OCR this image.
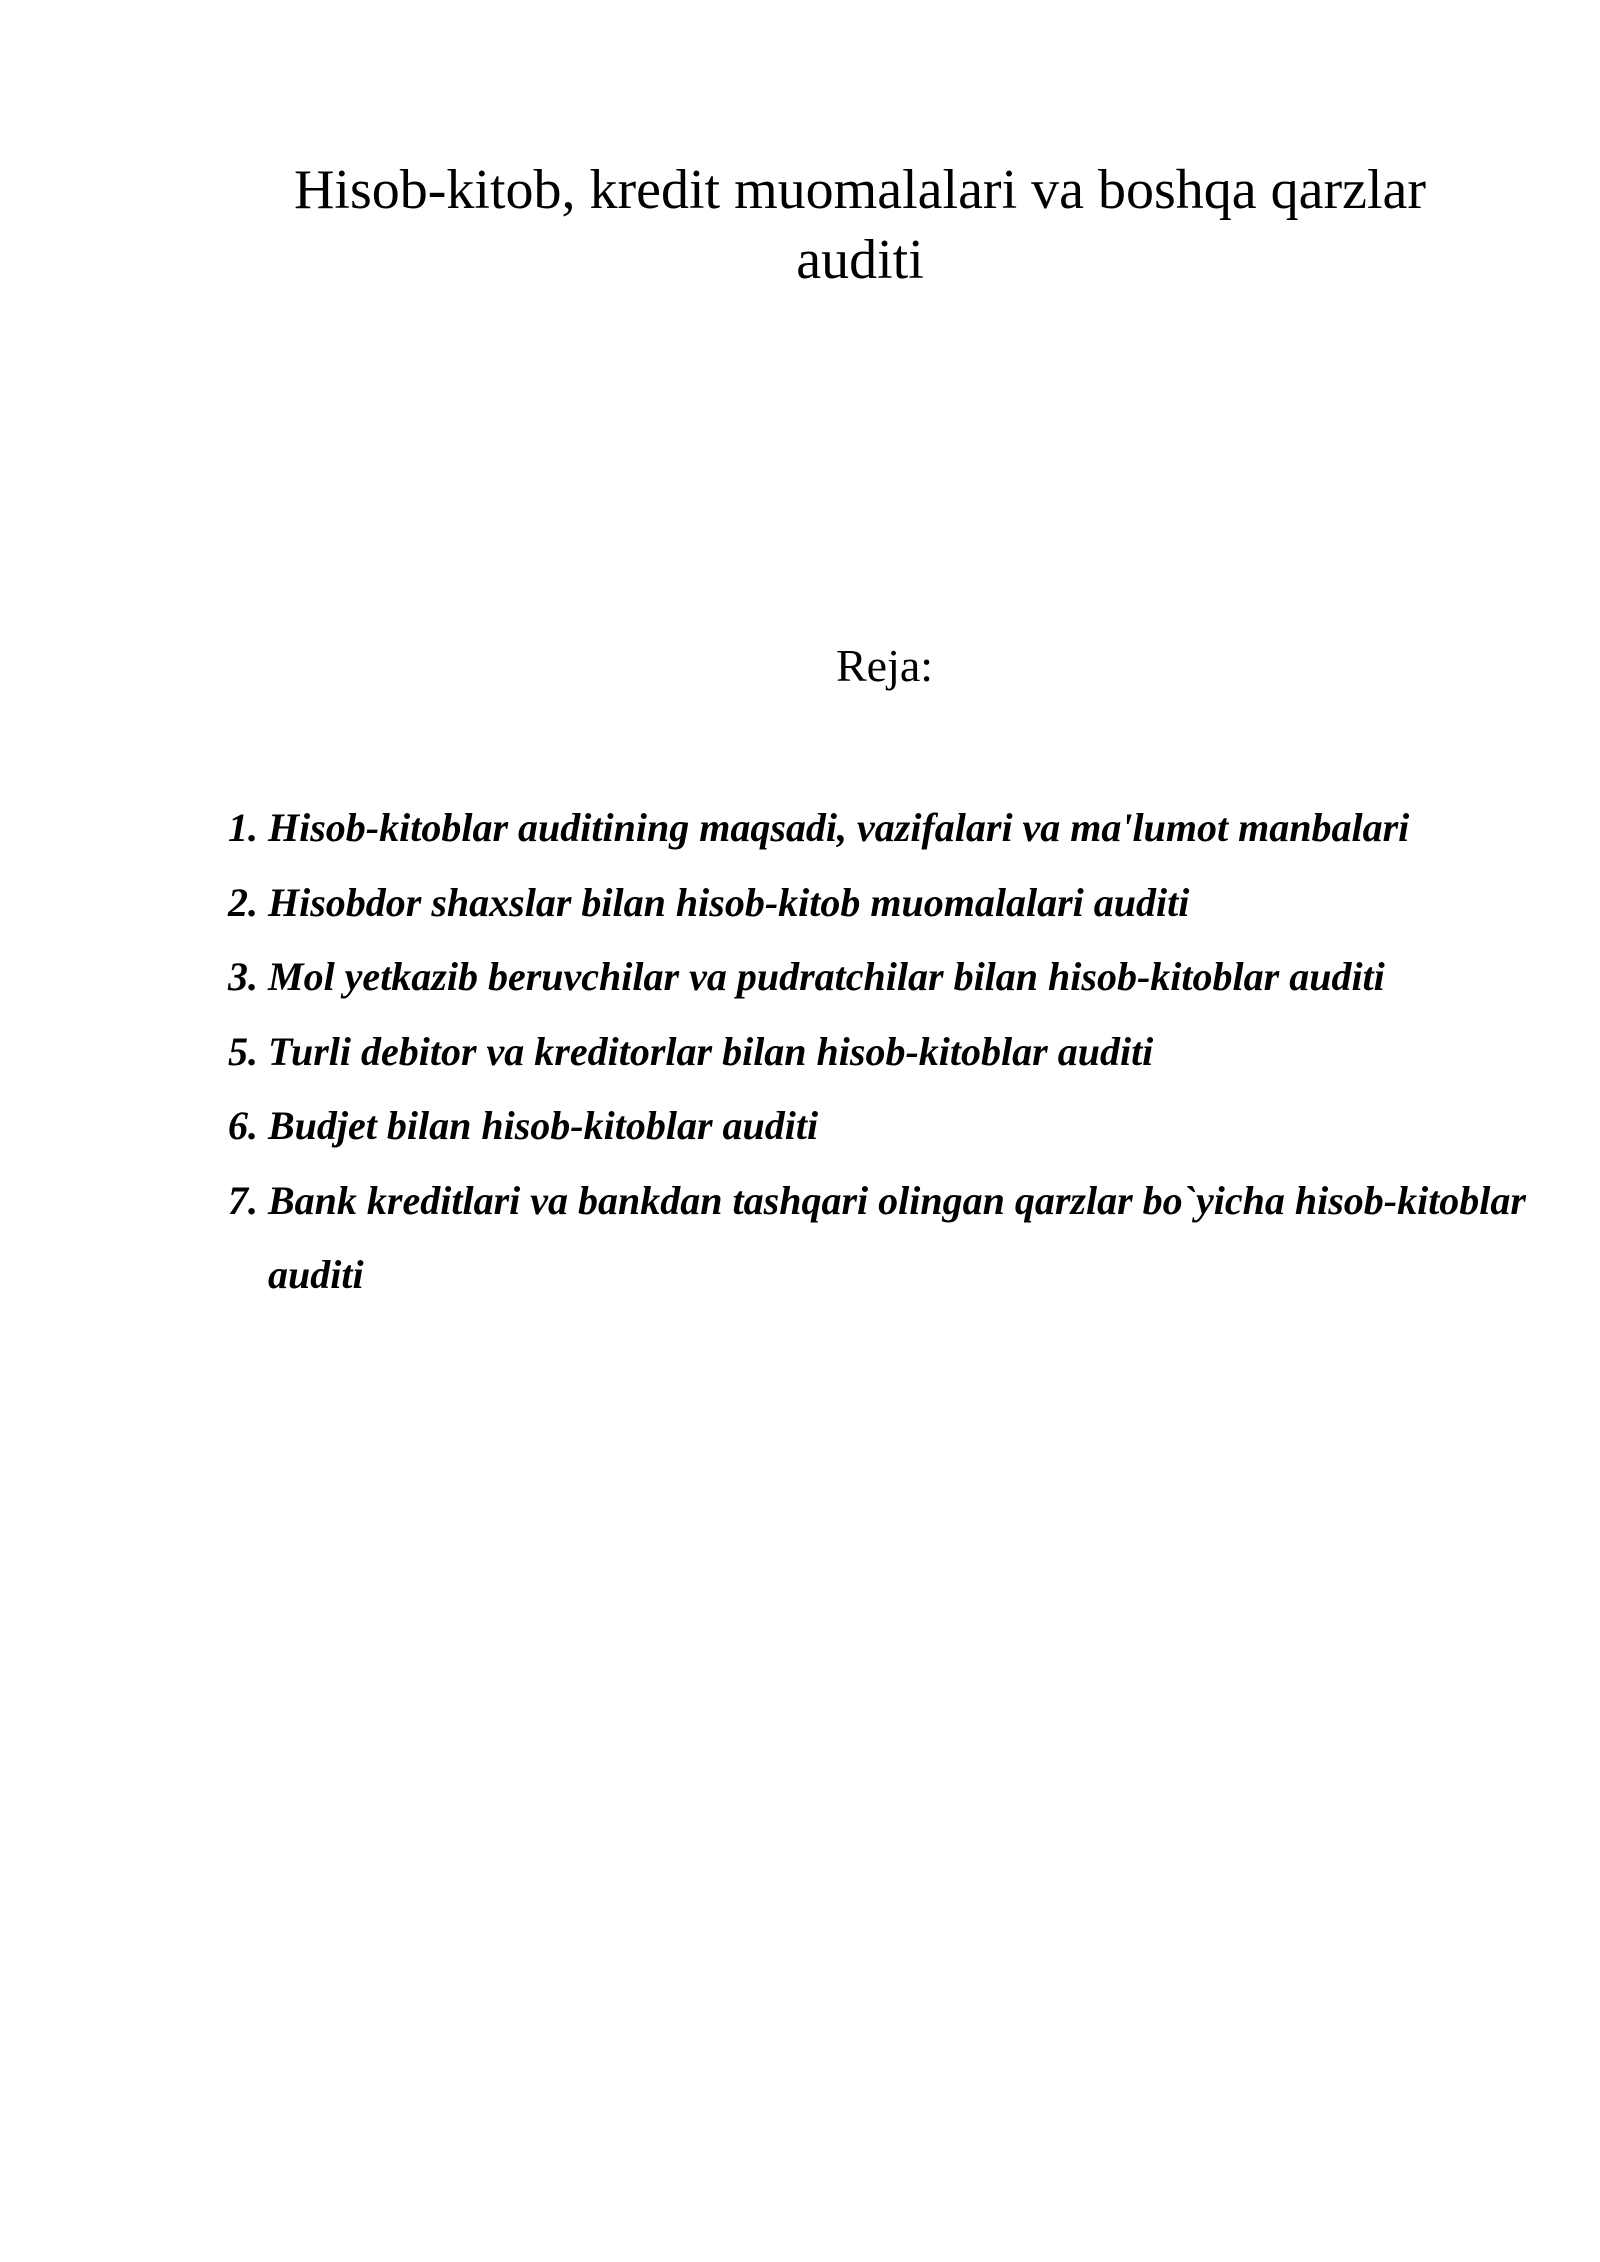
Hisob-kitob, kredit muomalalari va boshqa qarzlar auditi
Reja:
1. Hisob-kitoblar auditining maqsadi, vazifalari va ma'lumot manbalari
2. Hisobdor shaxslar bilan hisob-kitob muomalalari auditi
3. Mol yetkazib beruvchilar va pudratchilar bilan hisob-kitoblar auditi
5. Turli debitor va kreditorlar bilan hisob-kitoblar auditi
6. Budjet bilan hisob-kitoblar auditi
7. Bank kreditlari va bankdan tashqari olingan qarzlar bo`yicha hisob-kitoblar auditi
